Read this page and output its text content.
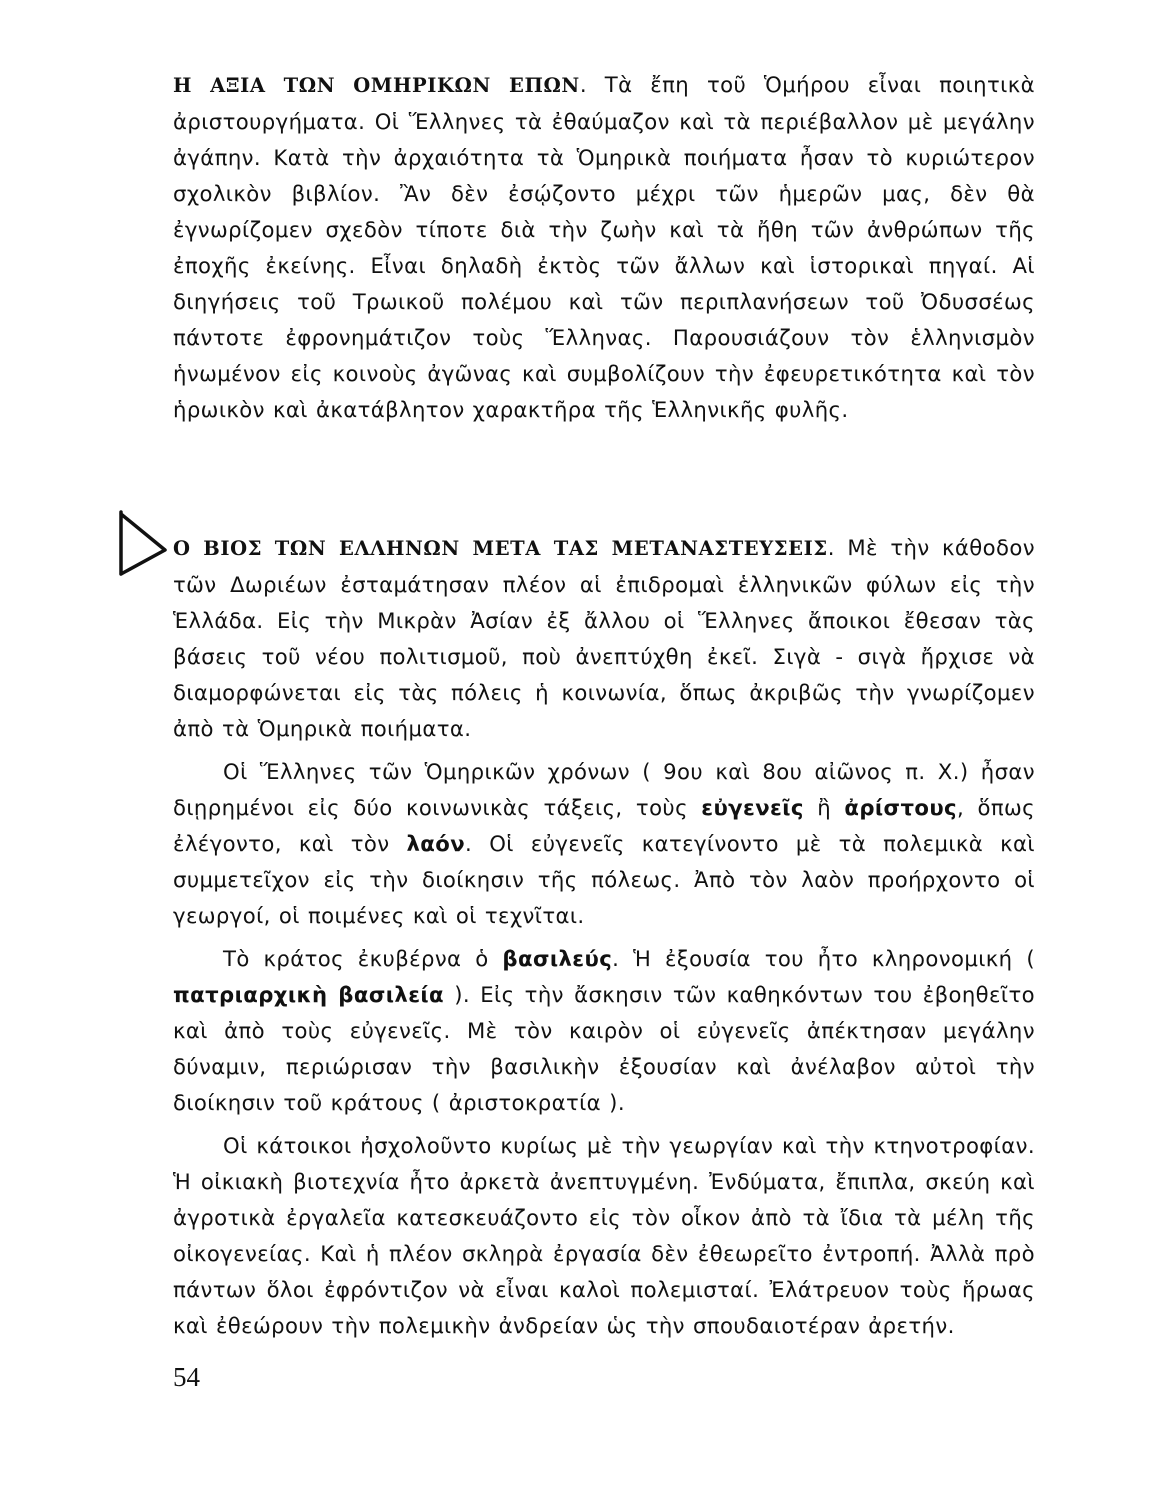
Η ΑΞΙΑ ΤΩΝ ΟΜΗΡΙΚΩΝ ΕΠΩΝ. Τὰ ἔπη τοῦ Ὁμήρου εἶναι ποιητικὰ ἀριστουργήματα. Οἱ Ἕλληνες τὰ ἐθαύμαζον καὶ τὰ περιέβαλλον μὲ μεγάλην ἀγάπην. Κατὰ τὴν ἀρχαιότητα τὰ Ὁμηρικὰ ποιήματα ἦσαν τὸ κυριώτερον σχολικὸν βιβλίον. Ἂν δὲν ἐσῴζοντο μέχρι τῶν ἡμερῶν μας, δὲν θὰ ἐγνωρίζομεν σχεδὸν τίποτε διὰ τὴν ζωὴν καὶ τὰ ἤθη τῶν ἀνθρώπων τῆς ἐποχῆς ἐκείνης. Εἶναι δηλαδὴ ἐκτὸς τῶν ἄλλων καὶ ἱστορικαὶ πηγαί. Αἱ διηγήσεις τοῦ Τρωικοῦ πολέμου καὶ τῶν περιπλανήσεων τοῦ Ὀδυσσέως πάντοτε ἐφρονημάτιζον τοὺς Ἕλληνας. Παρουσιάζουν τὸν ἑλληνισμὸν ἡνωμένον εἰς κοινοὺς ἀγῶνας καὶ συμβολίζουν τὴν ἐφευρετικότητα καὶ τὸν ἡρωικὸν καὶ ἀκατάβλητον χαρακτῆρα τῆς Ἑλληνικῆς φυλῆς.

Ο ΒΙΟΣ ΤΩΝ ΕΛΛΗΝΩΝ ΜΕΤΑ ΤΑΣ ΜΕΤΑΝΑΣΤΕΥΣΕΙΣ. Μὲ τὴν κάθοδον τῶν Δωριέων ἐσταμάτησαν πλέον αἱ ἐπιδρομαὶ ἑλληνικῶν φύλων εἰς τὴν Ἑλλάδα. Εἰς τὴν Μικρὰν Ἀσίαν ἐξ ἄλλου οἱ Ἕλληνες ἄποικοι ἔθεσαν τὰς βάσεις τοῦ νέου πολιτισμοῦ, ποὺ ἀνεπτύχθη ἐκεῖ. Σιγὰ - σιγὰ ἤρχισε νὰ διαμορφώνεται εἰς τὰς πόλεις ἡ κοινωνία, ὅπως ἀκριβῶς τὴν γνωρίζομεν ἀπὸ τὰ Ὁμηρικὰ ποιήματα.

Οἱ Ἕλληνες τῶν Ὁμηρικῶν χρόνων ( 9ου καὶ 8ου αἰῶνος π. Χ.) ἦσαν διῃρημένοι εἰς δύο κοινωνικὰς τάξεις, τοὺς εὐγενεῖς ἢ ἀρίστους, ὅπως ἐλέγοντο, καὶ τὸν λαόν. Οἱ εὐγενεῖς κατεγίνοντο μὲ τὰ πολεμικὰ καὶ συμμετεῖχον εἰς τὴν διοίκησιν τῆς πόλεως. Ἀπὸ τὸν λαὸν προήρχοντο οἱ γεωργοί, οἱ ποιμένες καὶ οἱ τεχνῖται.

Τὸ κράτος ἐκυβέρνα ὁ βασιλεύς. Ἡ ἐξουσία του ἦτο κληρονομική ( πατριαρχικὴ βασιλεία ). Εἰς τὴν ἄσκησιν τῶν καθηκόντων του ἐβοηθεῖτο καὶ ἀπὸ τοὺς εὐγενεῖς. Μὲ τὸν καιρὸν οἱ εὐγενεῖς ἀπέκτησαν μεγάλην δύναμιν, περιώρισαν τὴν βασιλικὴν ἐξουσίαν καὶ ἀνέλαβον αὐτοὶ τὴν διοίκησιν τοῦ κράτους ( ἀριστοκρατία ).

Οἱ κάτοικοι ἠσχολοῦντο κυρίως μὲ τὴν γεωργίαν καὶ τὴν κτηνοτροφίαν. Ἡ οἰκιακὴ βιοτεχνία ἦτο ἀρκετὰ ἀνεπτυγμένη. Ἐνδύματα, ἔπιπλα, σκεύη καὶ ἀγροτικὰ ἐργαλεῖα κατεσκευάζοντο εἰς τὸν οἶκον ἀπὸ τὰ ἴδια τὰ μέλη τῆς οἰκογενείας. Καὶ ἡ πλέον σκληρὰ ἐργασία δὲν ἐθεωρεῖτο ἐντροπή. Ἀλλὰ πρὸ πάντων ὅλοι ἐφρόντιζον νὰ εἶναι καλοὶ πολεμισταί. Ἐλάτρευον τοὺς ἥρωας καὶ ἐθεώρουν τὴν πολεμικὴν ἀνδρείαν ὡς τὴν σπουδαιοτέραν ἀρετήν.

54
